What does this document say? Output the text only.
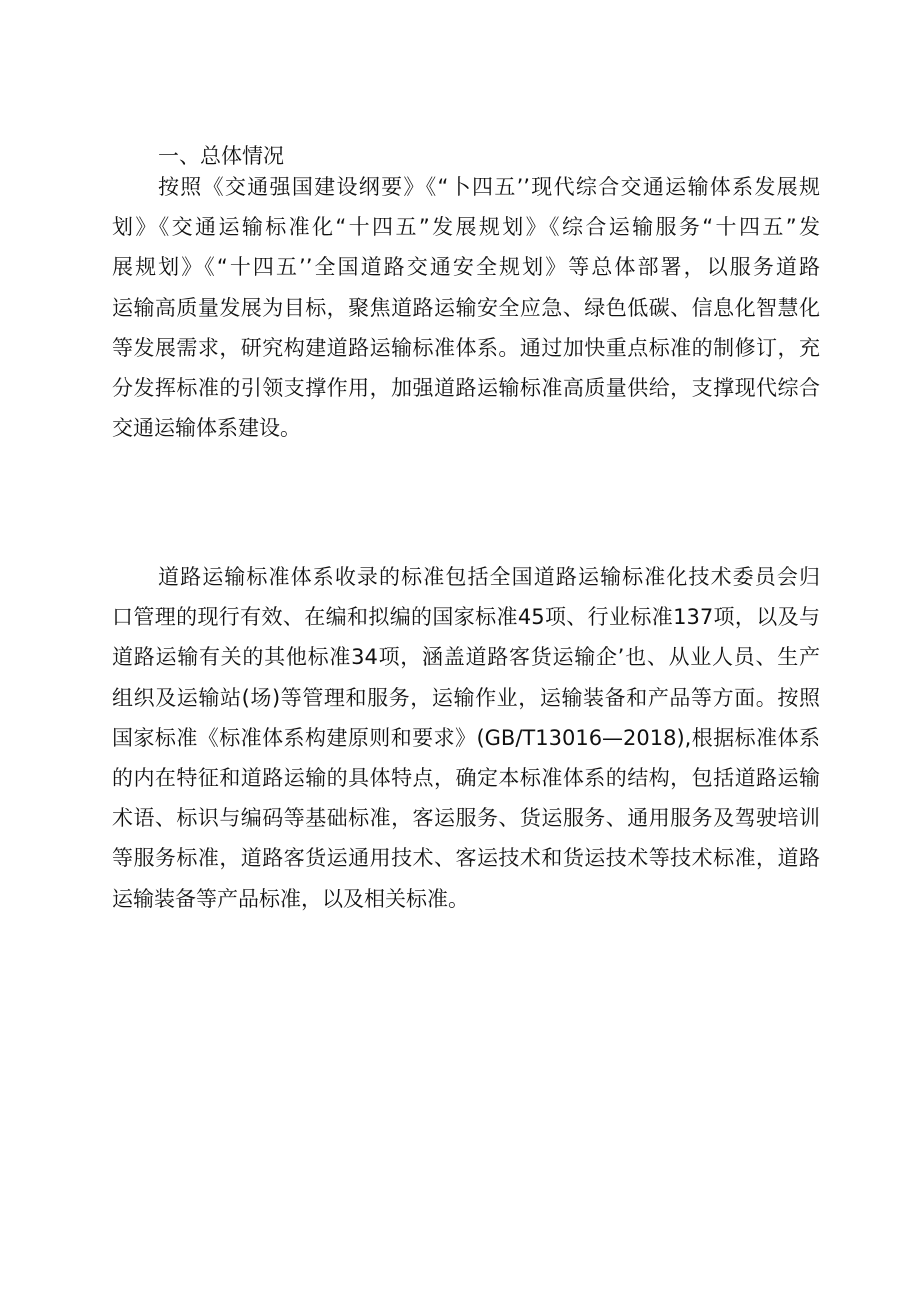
一、总体情况
按照《交通强国建设纲要》《“卜四五’’现代综合交通运输体系发展规
划》《交通运输标准化“十四五”发展规划》《综合运输服务“十四五”发
展规划》《“十四五’’全国道路交通安全规划》等总体部署，以服务道路
运输高质量发展为目标，聚焦道路运输安全应急、绿色低碳、信息化智慧化
等发展需求，研究构建道路运输标准体系。通过加快重点标准的制修订，充
分发挥标准的引领支撑作用，加强道路运输标准高质量供给，支撑现代综合
交通运输体系建设。
道路运输标准体系收录的标准包括全国道路运输标准化技术委员会归
口管理的现行有效、在编和拟编的国家标准45项、行业标准137项，以及与
道路运输有关的其他标准34项，涵盖道路客货运输企’也、从业人员、生产
组织及运输站(场)等管理和服务，运输作业，运输装备和产品等方面。按照
国家标准《标准体系构建原则和要求》(GB/T13016—2018),根据标准体系
的内在特征和道路运输的具体特点，确定本标准体系的结构，包括道路运输
术语、标识与编码等基础标准，客运服务、货运服务、通用服务及驾驶培训
等服务标准，道路客货运通用技术、客运技术和货运技术等技术标准，道路
运输装备等产品标准，以及相关标准。
